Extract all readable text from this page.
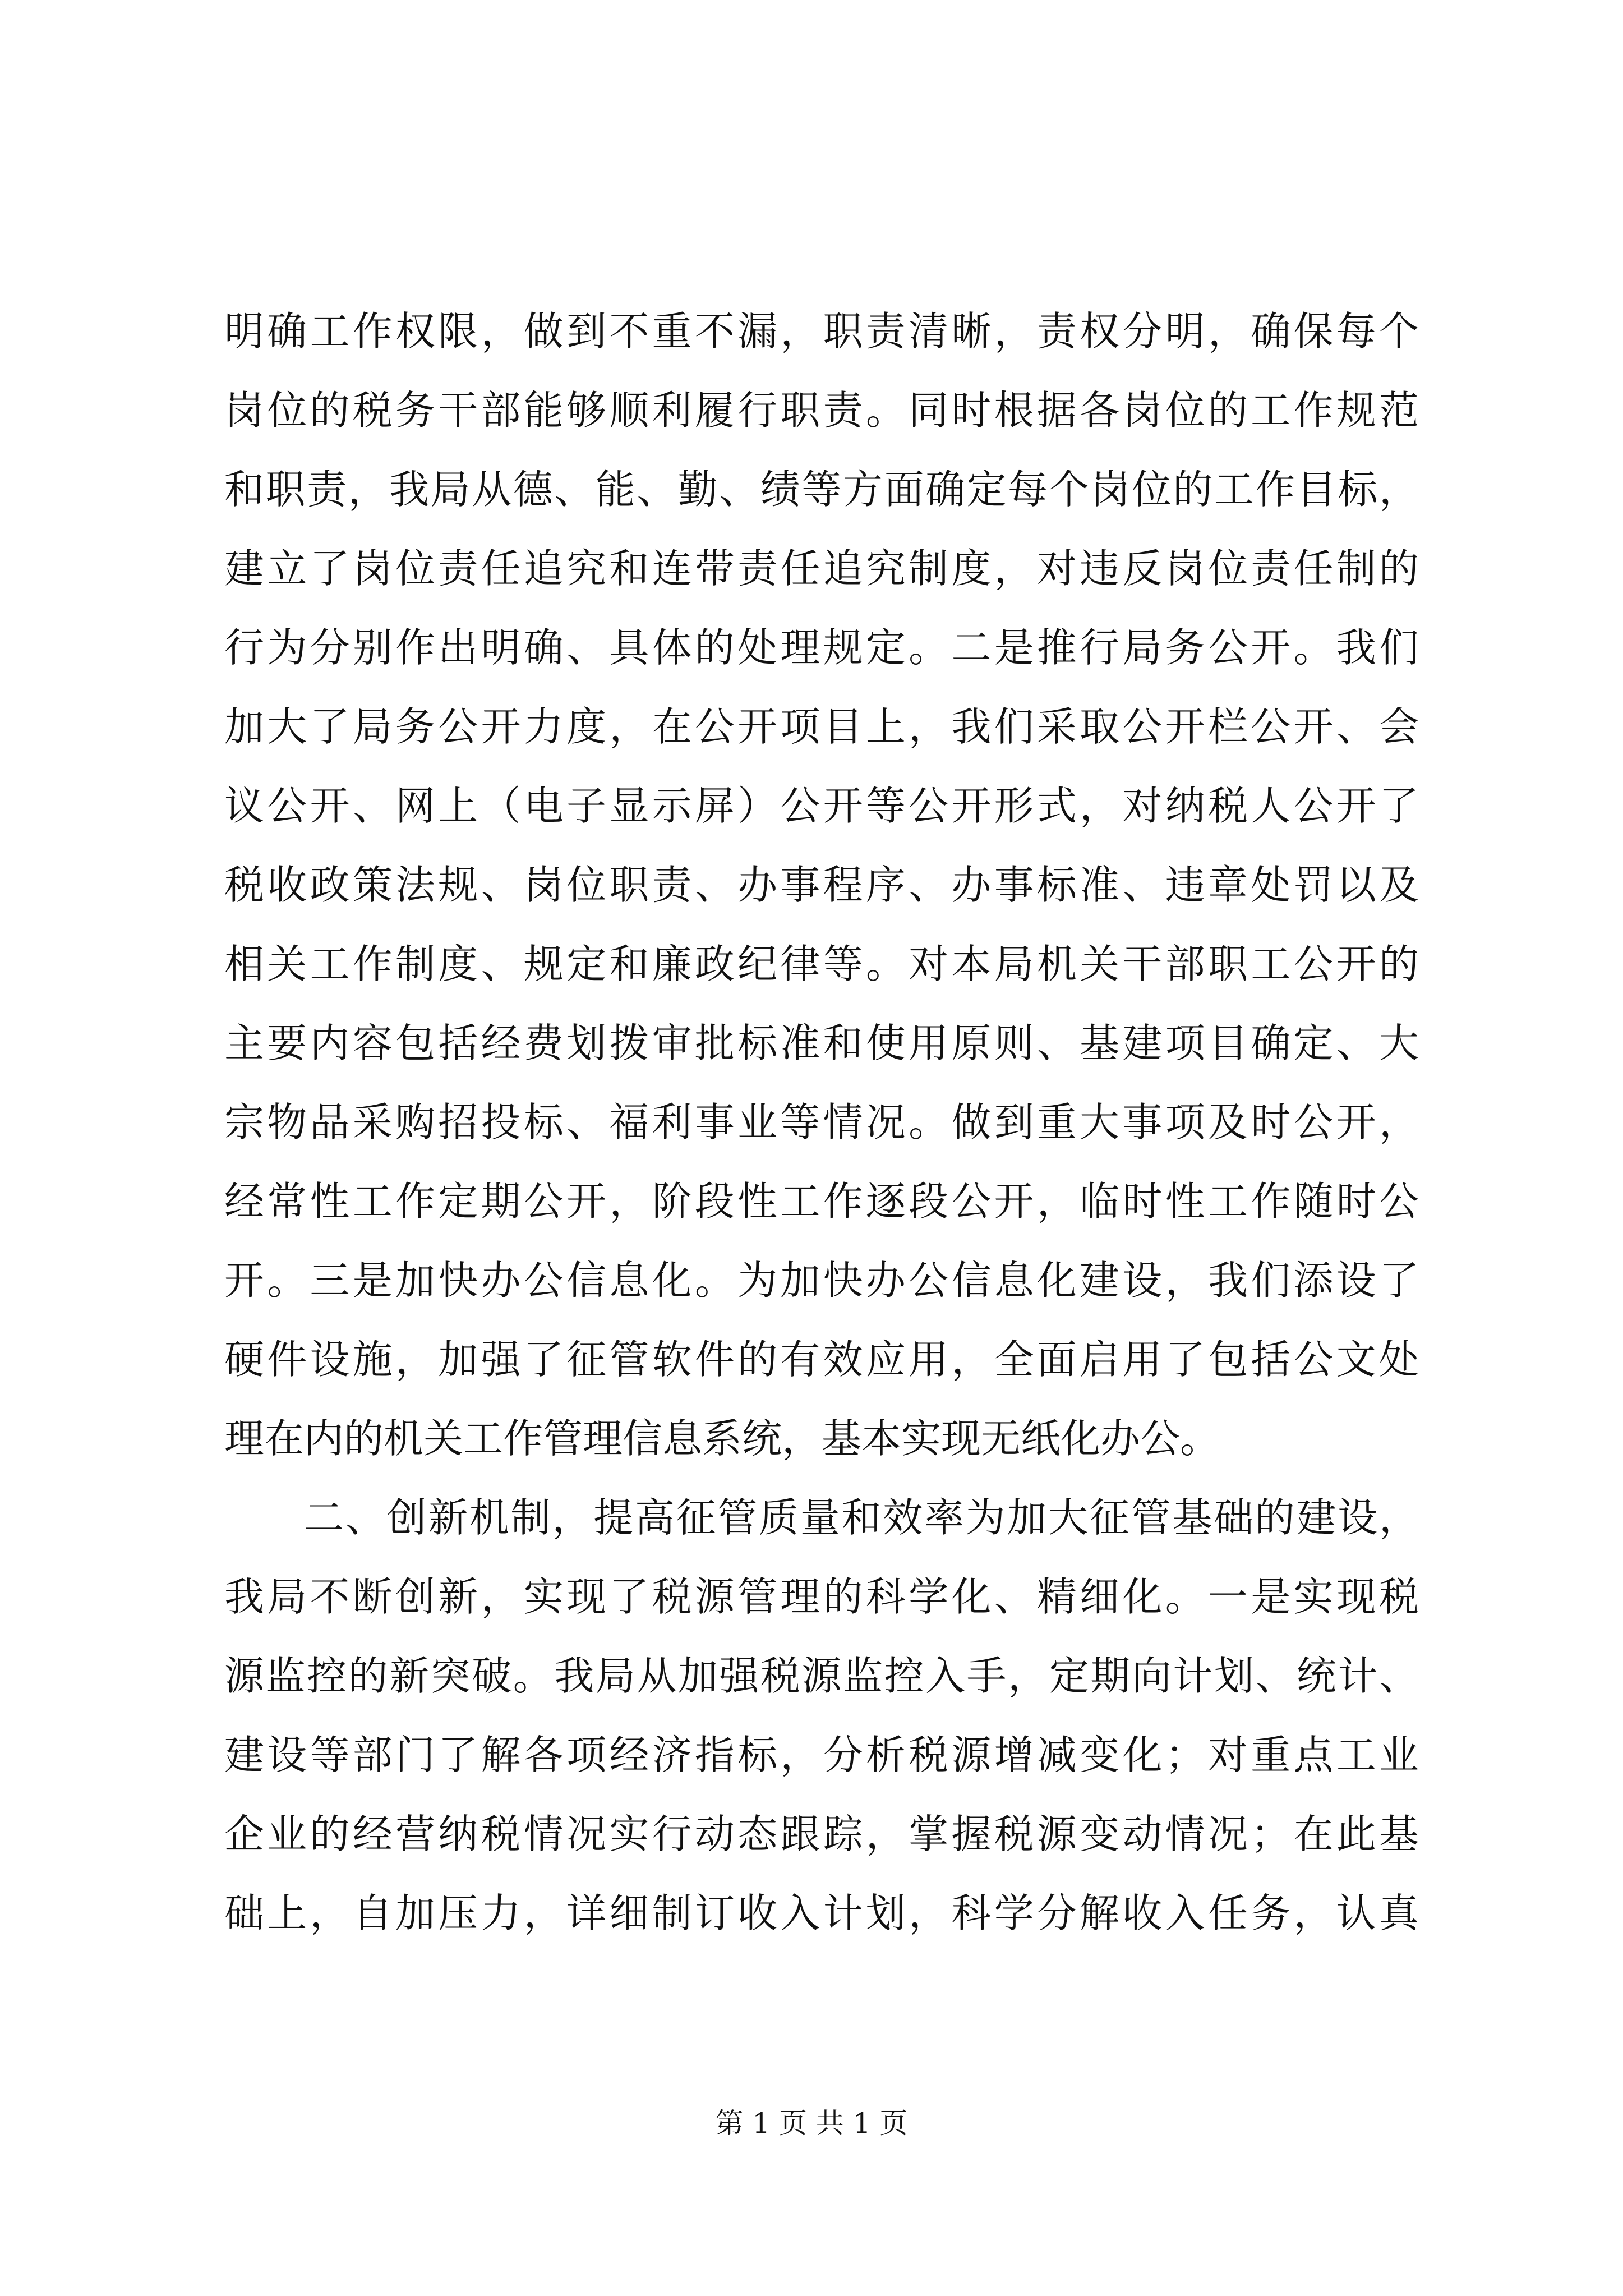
明确工作权限，做到不重不漏，职责清晰，责权分明，确保每个
岗位的税务干部能够顺利履行职责。同时根据各岗位的工作规范
和职责，我局从德、能、勤、绩等方面确定每个岗位的工作目标，
建立了岗位责任追究和连带责任追究制度，对违反岗位责任制的
行为分别作出明确、具体的处理规定。二是推行局务公开。我们
加大了局务公开力度，在公开项目上，我们采取公开栏公开、会
议公开、网上（电子显示屏）公开等公开形式，对纳税人公开了
税收政策法规、岗位职责、办事程序、办事标准、违章处罚以及
相关工作制度、规定和廉政纪律等。对本局机关干部职工公开的
主要内容包括经费划拨审批标准和使用原则、基建项目确定、大
宗物品采购招投标、福利事业等情况。做到重大事项及时公开，
经常性工作定期公开，阶段性工作逐段公开，临时性工作随时公
开。三是加快办公信息化。为加快办公信息化建设，我们添设了
硬件设施，加强了征管软件的有效应用，全面启用了包括公文处
理在内的机关工作管理信息系统，基本实现无纸化办公。
二、创新机制，提高征管质量和效率为加大征管基础的建设，
我局不断创新，实现了税源管理的科学化、精细化。一是实现税
源监控的新突破。我局从加强税源监控入手，定期向计划、统计、
建设等部门了解各项经济指标，分析税源增减变化；对重点工业
企业的经营纳税情况实行动态跟踪，掌握税源变动情况；在此基
础上，自加压力，详细制订收入计划，科学分解收入任务，认真
第 1 页 共 1 页
